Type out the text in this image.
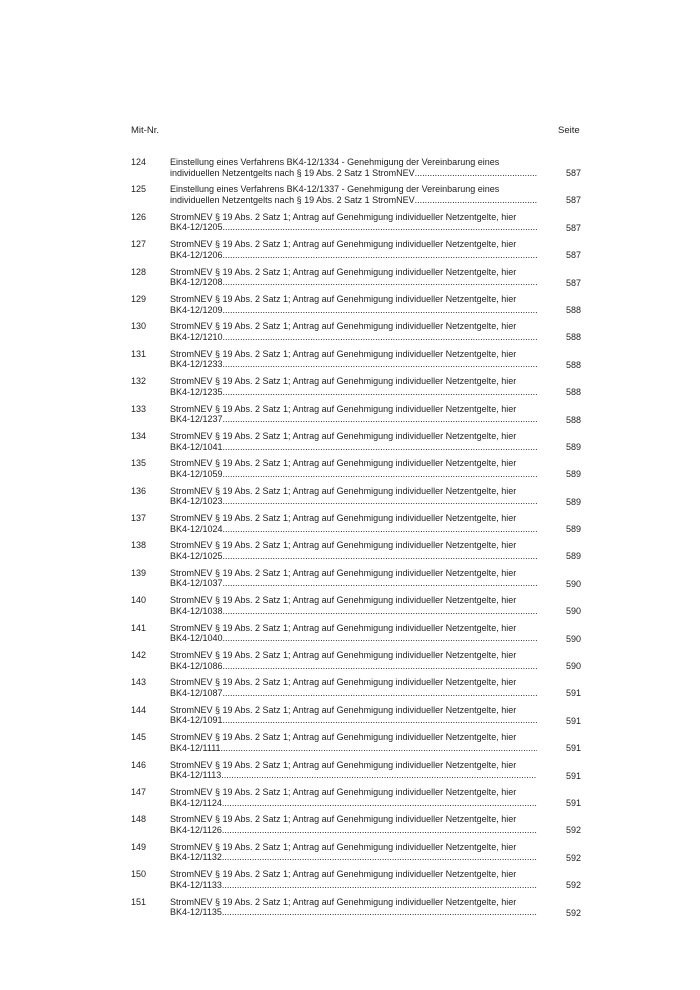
Mit-Nr.	Seite
124	Einstellung eines Verfahrens BK4-12/1334 - Genehmigung der Vereinbarung eines
individuellen Netzentgelts nach § 19 Abs. 2 Satz 1 StromNEV .....	587
125	Einstellung eines Verfahrens BK4-12/1337 - Genehmigung der Vereinbarung eines
individuellen Netzentgelts nach § 19 Abs. 2 Satz 1 StromNEV .....	587
126	StromNEV § 19 Abs. 2 Satz 1; Antrag auf Genehmigung individueller Netzentgelte, hier
BK4-12/1205 .....	587
127	StromNEV § 19 Abs. 2 Satz 1; Antrag auf Genehmigung individueller Netzentgelte, hier
BK4-12/1206 .....	587
128	StromNEV § 19 Abs. 2 Satz 1; Antrag auf Genehmigung individueller Netzentgelte, hier
BK4-12/1208 .....	587
129	StromNEV § 19 Abs. 2 Satz 1; Antrag auf Genehmigung individueller Netzentgelte, hier
BK4-12/1209 .....	588
130	StromNEV § 19 Abs. 2 Satz 1; Antrag auf Genehmigung individueller Netzentgelte, hier
BK4-12/1210 .....	588
131	StromNEV § 19 Abs. 2 Satz 1; Antrag auf Genehmigung individueller Netzentgelte, hier
BK4-12/1233 .....	588
132	StromNEV § 19 Abs. 2 Satz 1; Antrag auf Genehmigung individueller Netzentgelte, hier
BK4-12/1235 .....	588
133	StromNEV § 19 Abs. 2 Satz 1; Antrag auf Genehmigung individueller Netzentgelte, hier
BK4-12/1237 .....	588
134	StromNEV § 19 Abs. 2 Satz 1; Antrag auf Genehmigung individueller Netzentgelte, hier
BK4-12/1041 .....	589
135	StromNEV § 19 Abs. 2 Satz 1; Antrag auf Genehmigung individueller Netzentgelte, hier
BK4-12/1059 .....	589
136	StromNEV § 19 Abs. 2 Satz 1; Antrag auf Genehmigung individueller Netzentgelte, hier
BK4-12/1023 .....	589
137	StromNEV § 19 Abs. 2 Satz 1; Antrag auf Genehmigung individueller Netzentgelte, hier
BK4-12/1024 .....	589
138	StromNEV § 19 Abs. 2 Satz 1; Antrag auf Genehmigung individueller Netzentgelte, hier
BK4-12/1025 .....	589
139	StromNEV § 19 Abs. 2 Satz 1; Antrag auf Genehmigung individueller Netzentgelte, hier
BK4-12/1037 .....	590
140	StromNEV § 19 Abs. 2 Satz 1; Antrag auf Genehmigung individueller Netzentgelte, hier
BK4-12/1038 .....	590
141	StromNEV § 19 Abs. 2 Satz 1; Antrag auf Genehmigung individueller Netzentgelte, hier
BK4-12/1040 .....	590
142	StromNEV § 19 Abs. 2 Satz 1; Antrag auf Genehmigung individueller Netzentgelte, hier
BK4-12/1086 .....	590
143	StromNEV § 19 Abs. 2 Satz 1; Antrag auf Genehmigung individueller Netzentgelte, hier
BK4-12/1087 .....	591
144	StromNEV § 19 Abs. 2 Satz 1; Antrag auf Genehmigung individueller Netzentgelte, hier
BK4-12/1091 .....	591
145	StromNEV § 19 Abs. 2 Satz 1; Antrag auf Genehmigung individueller Netzentgelte, hier
BK4-12/1111 .....	591
146	StromNEV § 19 Abs. 2 Satz 1; Antrag auf Genehmigung individueller Netzentgelte, hier
BK4-12/1113 .....	591
147	StromNEV § 19 Abs. 2 Satz 1; Antrag auf Genehmigung individueller Netzentgelte, hier
BK4-12/1124 .....	591
148	StromNEV § 19 Abs. 2 Satz 1; Antrag auf Genehmigung individueller Netzentgelte, hier
BK4-12/1126 .....	592
149	StromNEV § 19 Abs. 2 Satz 1; Antrag auf Genehmigung individueller Netzentgelte, hier
BK4-12/1132 .....	592
150	StromNEV § 19 Abs. 2 Satz 1; Antrag auf Genehmigung individueller Netzentgelte, hier
BK4-12/1133 .....	592
151	StromNEV § 19 Abs. 2 Satz 1; Antrag auf Genehmigung individueller Netzentgelte, hier
BK4-12/1135 .....	592
